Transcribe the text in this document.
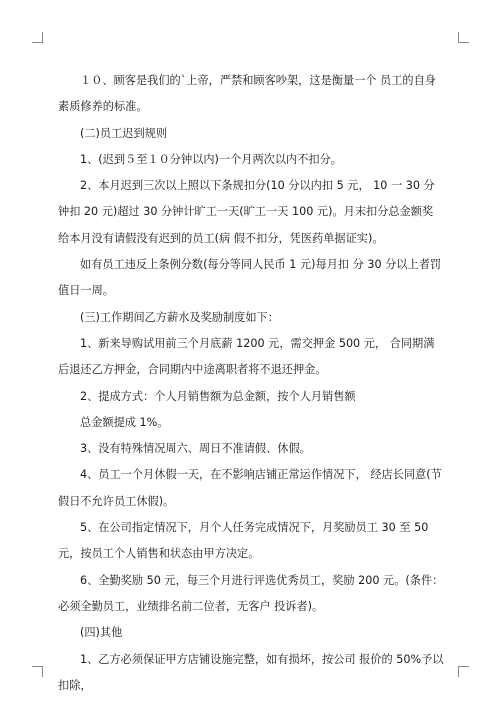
１０、顾客是我们的`上帝，严禁和顾客吵架，这是衡量一个 员工的自身素质修养的标准。

(二)员工迟到规则

1、(迟到５至１０分钟以内)一个月两次以内不扣分。

2、本月迟到三次以上照以下条规扣分(10 分以内扣 5 元， 10 一 30 分钟扣 20 元)超过 30 分钟计旷工一天(旷工一天 100 元)。月末扣分总金额奖给本月没有请假没有迟到的员工(病 假不扣分，凭医药单据证实)。

如有员工违反上条例分数(每分等同人民币 1 元)每月扣 分 30 分以上者罚值日一周。

(三)工作期间乙方薪水及奖励制度如下：

1、新来导购试用前三个月底薪 1200 元，需交押金 500 元， 合同期满后退还乙方押金，合同期内中途离职者将不退还押金。

2、提成方式：个人月销售额为总金额，按个人月销售额

总金额提成 1%。

3、没有特殊情况周六、周日不准请假、休假。

4、员工一个月休假一天，在不影响店铺正常运作情况下， 经店长同意(节假日不允许员工休假)。

5、在公司指定情况下，月个人任务完成情况下，月奖励员工 30 至 50 元，按员工个人销售和状态由甲方决定。

6、全勤奖励 50 元，每三个月进行评选优秀员工，奖励 200 元。(条件：必须全勤员工，业绩排名前二位者，无客户 投诉者)。

(四)其他

1、乙方必须保证甲方店铺设施完整，如有损坏，按公司 报价的 50%予以扣除，
